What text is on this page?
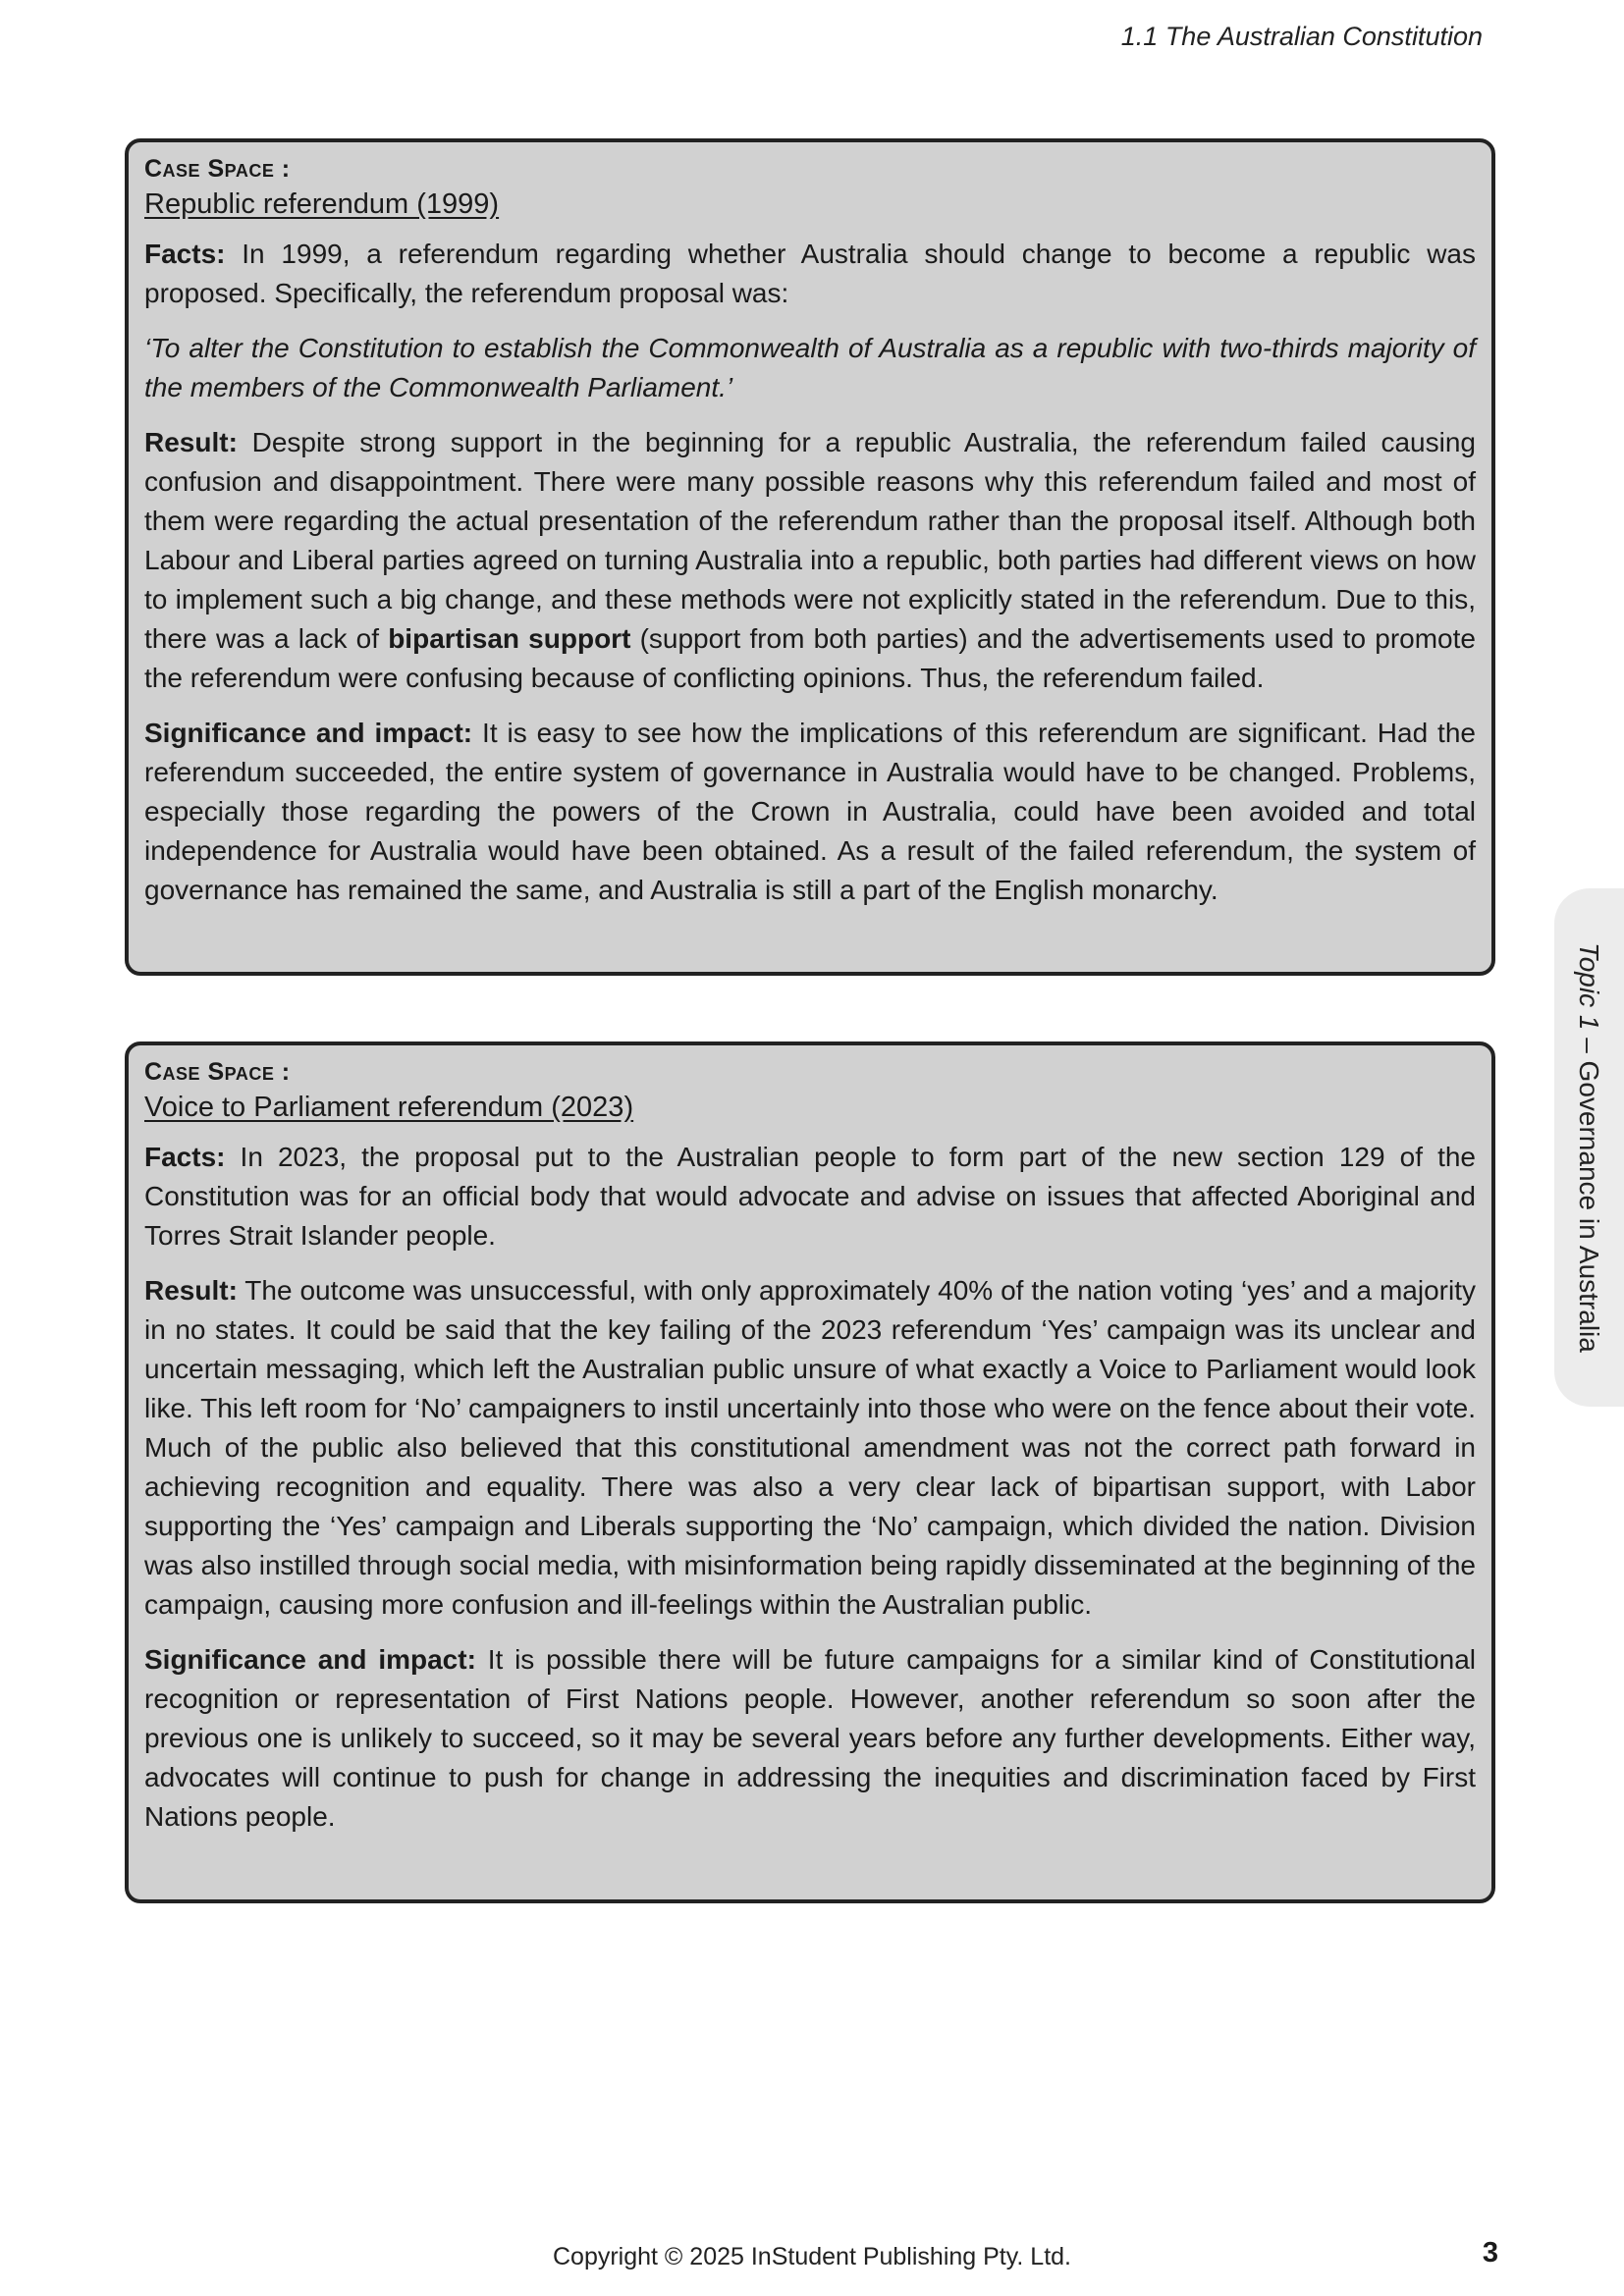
1.1 The Australian Constitution
Case Space :
Republic referendum (1999)

Facts: In 1999, a referendum regarding whether Australia should change to become a republic was proposed. Specifically, the referendum proposal was:

‘To alter the Constitution to establish the Commonwealth of Australia as a republic with two-thirds majority of the members of the Commonwealth Parliament.’

Result: Despite strong support in the beginning for a republic Australia, the referendum failed causing confusion and disappointment. There were many possible reasons why this referendum failed and most of them were regarding the actual presentation of the referendum rather than the proposal itself. Although both Labour and Liberal parties agreed on turning Australia into a republic, both parties had different views on how to implement such a big change, and these methods were not explicitly stated in the referendum. Due to this, there was a lack of bipartisan support (support from both parties) and the advertisements used to promote the referendum were confusing because of conflicting opinions. Thus, the referendum failed.

Significance and impact: It is easy to see how the implications of this referendum are significant. Had the referendum succeeded, the entire system of governance in Australia would have to be changed. Problems, especially those regarding the powers of the Crown in Australia, could have been avoided and total independence for Australia would have been obtained. As a result of the failed referendum, the system of governance has remained the same, and Australia is still a part of the English monarchy.

Case Space :
Voice to Parliament referendum (2023)

Facts: In 2023, the proposal put to the Australian people to form part of the new section 129 of the Constitution was for an official body that would advocate and advise on issues that affected Aboriginal and Torres Strait Islander people.

Result: The outcome was unsuccessful, with only approximately 40% of the nation voting ‘yes’ and a majority in no states. It could be said that the key failing of the 2023 referendum ‘Yes’ campaign was its unclear and uncertain messaging, which left the Australian public unsure of what exactly a Voice to Parliament would look like. This left room for ‘No’ campaigners to instil uncertainly into those who were on the fence about their vote. Much of the public also believed that this constitutional amendment was not the correct path forward in achieving recognition and equality. There was also a very clear lack of bipartisan support, with Labor supporting the ‘Yes’ campaign and Liberals supporting the ‘No’ campaign, which divided the nation. Division was also instilled through social media, with misinformation being rapidly disseminated at the beginning of the campaign, causing more confusion and ill-feelings within the Australian public.

Significance and impact: It is possible there will be future campaigns for a similar kind of Constitutional recognition or representation of First Nations people. However, another referendum so soon after the previous one is unlikely to succeed, so it may be several years before any further developments. Either way, advocates will continue to push for change in addressing the inequities and discrimination faced by First Nations people.

Topic 1 – Governance in Australia
Copyright © 2025 InStudent Publishing Pty. Ltd.	3
